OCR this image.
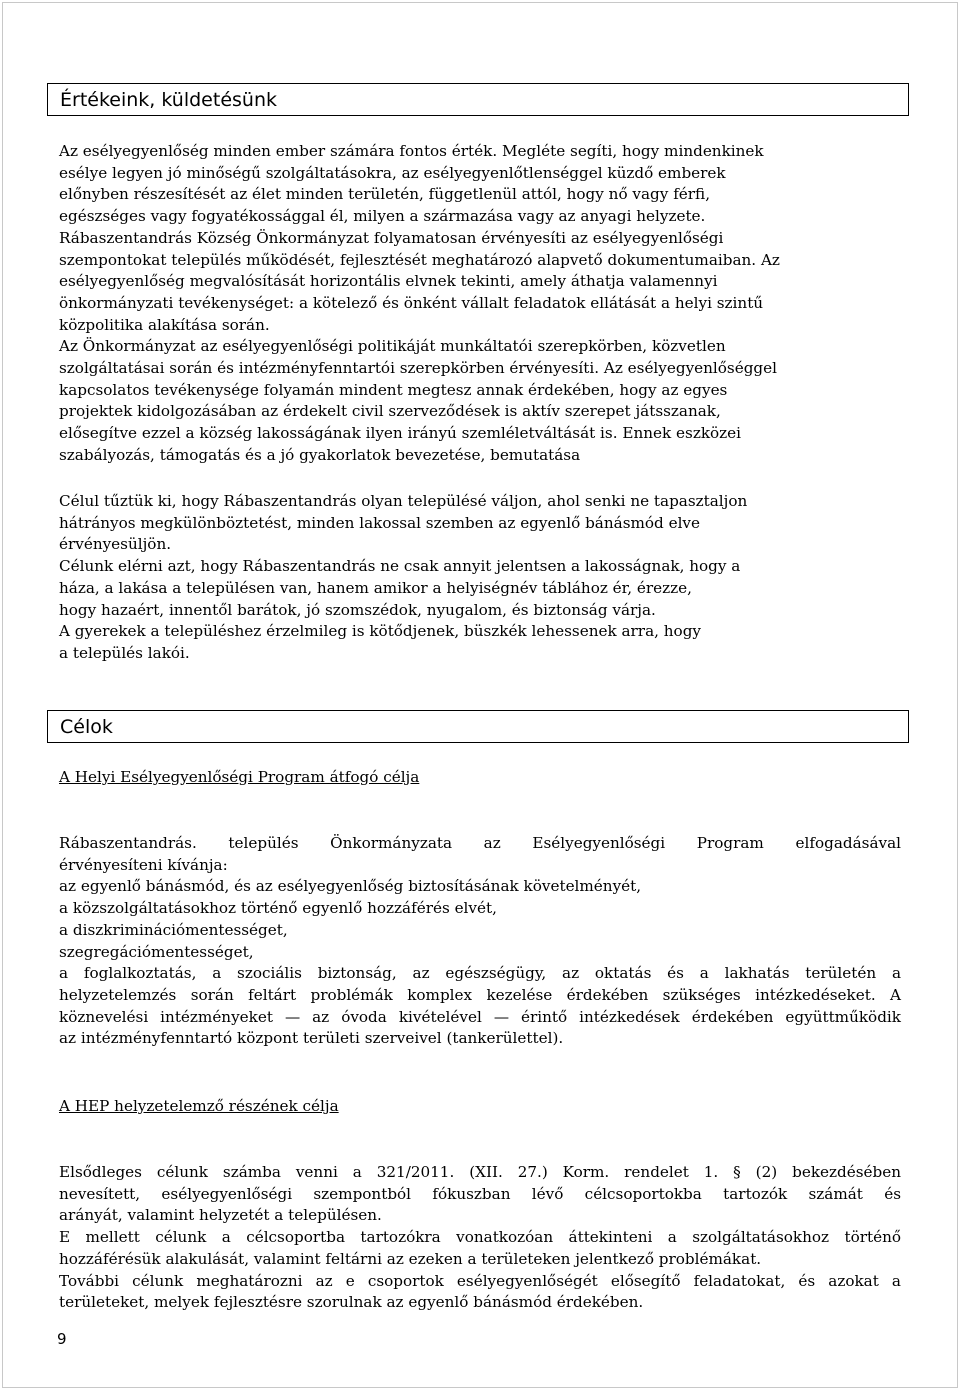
Értékeink, küldetésünk

Az esélyegyenlőség minden ember számára fontos érték. Megléte segíti, hogy mindenkinek

esélye legyen jó minőségű szolgáltatásokra, az esélyegyenlőtlenséggel küzdő emberek

előnyben részesítését az élet minden területén, függetlenül attól, hogy nő vagy férfi,

egészséges vagy fogyatékossággal él, milyen a származása vagy az anyagi helyzete.

Rábaszentandrás Község Önkormányzat folyamatosan érvényesíti az esélyegyenlőségi

szempontokat település működését, fejlesztését meghatározó alapvető dokumentumaiban. Az

esélyegyenlőség megvalósítását horizontális elvnek tekinti, amely áthatja valamennyi

önkormányzati tevékenységet: a kötelező és önként vállalt feladatok ellátását a helyi szintű

közpolitika alakítása során.

Az Önkormányzat az esélyegyenlőségi politikáját munkáltatói szerepkörben, közvetlen

szolgáltatásai során és intézményfenntartói szerepkörben érvényesíti. Az esélyegyenlőséggel

kapcsolatos tevékenysége folyamán mindent megtesz annak érdekében, hogy az egyes

projektek kidolgozásában az érdekelt civil szerveződések is aktív szerepet játsszanak,

elősegítve ezzel a község lakosságának ilyen irányú szemléletváltását is. Ennek eszközei

szabályozás, támogatás és a jó gyakorlatok bevezetése, bemutatása

Célul tűztük ki, hogy Rábaszentandrás olyan településé váljon, ahol senki ne tapasztaljon

hátrányos megkülönböztetést, minden lakossal szemben az egyenlő bánásmód elve

érvényesüljön.

Célunk elérni azt, hogy Rábaszentandrás ne csak annyit jelentsen a lakosságnak, hogy a

háza, a lakása a településen van, hanem amikor a helyiségnév táblához ér, érezze,

hogy hazaért, innentől barátok, jó szomszédok, nyugalom, és biztonság várja.

A gyerekek a településhez érzelmileg is kötődjenek, büszkék lehessenek arra, hogy

a település lakói.

Célok

A Helyi Esélyegyenlőségi Program átfogó célja

Rábaszentandrás. település Önkormányzata az Esélyegyenlőségi Program elfogadásával

érvényesíteni kívánja:

az egyenlő bánásmód, és az esélyegyenlőség biztosításának követelményét,

a közszolgáltatásokhoz történő egyenlő hozzáférés elvét,

a diszkriminációmentességet,

szegregációmentességet,

a foglalkoztatás, a szociális biztonság, az egészségügy, az oktatás és a lakhatás területén a

helyzetelemzés során feltárt problémák komplex kezelése érdekében szükséges intézkedéseket. A

köznevelési intézményeket — az óvoda kivételével — érintő intézkedések érdekében együttműködik

az intézményfenntartó központ területi szerveivel (tankerülettel).

A HEP helyzetelemző részének célja

Elsődleges célunk számba venni a 321/2011. (XII. 27.) Korm. rendelet 1. § (2) bekezdésében

nevesített, esélyegyenlőségi szempontból fókuszban lévő célcsoportokba tartozók számát és

arányát, valamint helyzetét a településen.

E mellett célunk a célcsoportba tartozókra vonatkozóan áttekinteni a szolgáltatásokhoz történő

hozzáférésük alakulását, valamint feltárni az ezeken a területeken jelentkező problémákat.

További célunk meghatározni az e csoportok esélyegyenlőségét elősegítő feladatokat, és azokat a

területeket, melyek fejlesztésre szorulnak az egyenlő bánásmód érdekében.

9
